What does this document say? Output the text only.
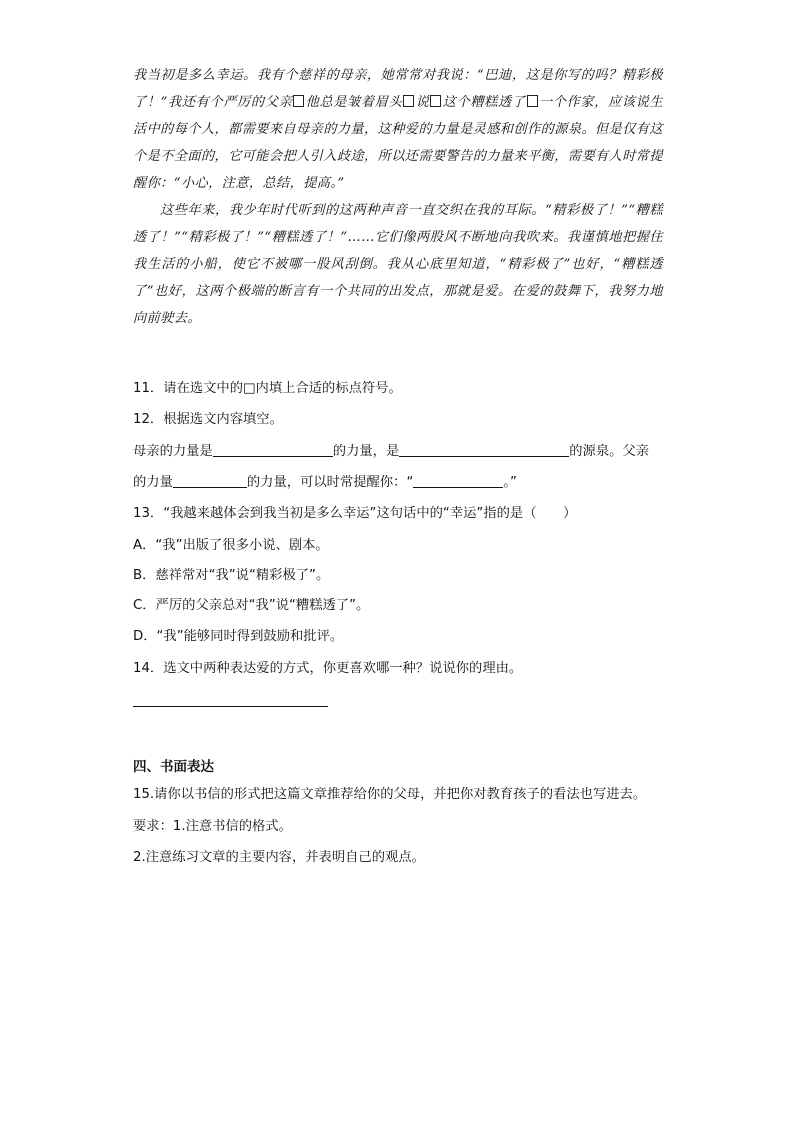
我当初是多么幸运。我有个慈祥的母亲，她常常对我说：“巴迪，这是你写的吗？精彩极了！”我还有个严厉的父亲 他总是皱着眉头 说 这个糟糕透了 一个作家，应该说生活中的每个人，都需要来自母亲的力量，这种爱的力量是灵感和创作的源泉。但是仅有这个是不全面的，它可能会把人引入歧途，所以还需要警告的力量来平衡，需要有人时常提醒你：“小心，注意，总结，提高。”

这些年来，我少年时代听到的这两种声音一直交织在我的耳际。“精彩极了！”“糟糕透了！”“精彩极了！”“糟糕透了！”……它们像两股风不断地向我吹来。我谨慎地把握住我生活的小船，使它不被哪一股风刮倒。我从心底里知道，“精彩极了”也好，“糟糕透了”也好，这两个极端的断言有一个共同的出发点，那就是爱。在爱的鼓舞下，我努力地向前驶去。

11．请在选文中的□内填上合适的标点符号。
12．根据选文内容填空。
母亲的力量是	的力量，是	的源泉。父亲
的力量	的力量，可以时常提醒你：“	。”
13．“我越来越体会到我当初是多么幸运”这句话中的“幸运”指的是（　　）
A．“我”出版了很多小说、剧本。
B．慈祥常对“我”说“精彩极了”。
C．严厉的父亲总对“我”说“糟糕透了”。
D．“我”能够同时得到鼓励和批评。
14．选文中两种表达爱的方式，你更喜欢哪一种？说说你的理由。
四、书面表达
15.请你以书信的形式把这篇文章推荐给你的父母，并把你对教育孩子的看法也写进去。
要求：1.注意书信的格式。
2.注意练习文章的主要内容，并表明自己的观点。
